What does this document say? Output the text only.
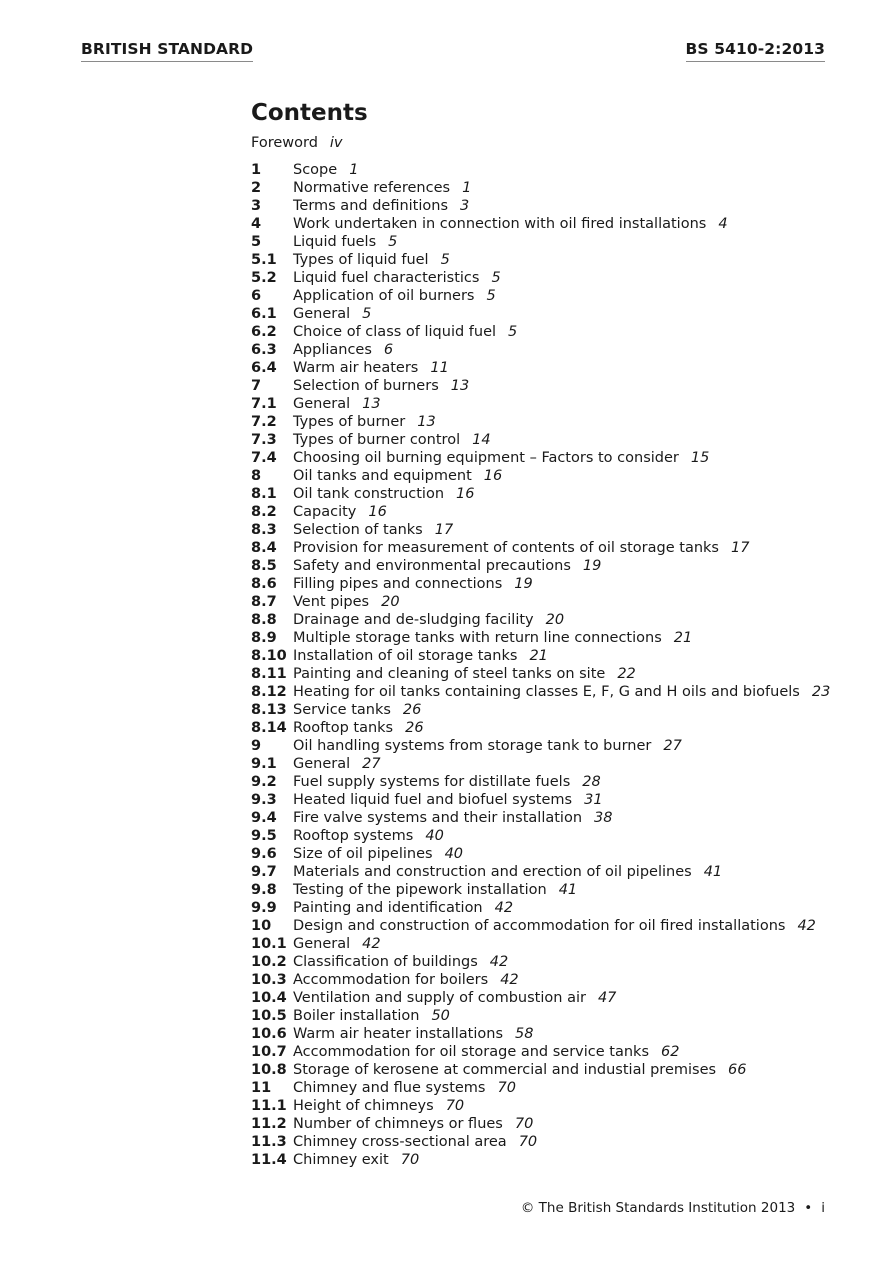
BRITISH STANDARD	BS 5410-2:2013
Contents
Foreword iv
1	Scope 1
2	Normative references 1
3	Terms and definitions 3
4	Work undertaken in connection with oil fired installations 4
5	Liquid fuels 5
5.1	Types of liquid fuel 5
5.2	Liquid fuel characteristics 5
6	Application of oil burners 5
6.1	General 5
6.2	Choice of class of liquid fuel 5
6.3	Appliances 6
6.4	Warm air heaters 11
7	Selection of burners 13
7.1	General 13
7.2	Types of burner 13
7.3	Types of burner control 14
7.4	Choosing oil burning equipment – Factors to consider 15
8	Oil tanks and equipment 16
8.1	Oil tank construction 16
8.2	Capacity 16
8.3	Selection of tanks 17
8.4	Provision for measurement of contents of oil storage tanks 17
8.5	Safety and environmental precautions 19
8.6	Filling pipes and connections 19
8.7	Vent pipes 20
8.8	Drainage and de-sludging facility 20
8.9	Multiple storage tanks with return line connections 21
8.10 Installation of oil storage tanks 21
8.11 Painting and cleaning of steel tanks on site 22
8.12 Heating for oil tanks containing classes E, F, G and H oils and biofuels 23
8.13 Service tanks 26
8.14 Rooftop tanks 26
9	Oil handling systems from storage tank to burner 27
9.1	General 27
9.2	Fuel supply systems for distillate fuels 28
9.3	Heated liquid fuel and biofuel systems 31
9.4	Fire valve systems and their installation 38
9.5	Rooftop systems 40
9.6	Size of oil pipelines 40
9.7	Materials and construction and erection of oil pipelines 41
9.8	Testing of the pipework installation 41
9.9	Painting and identification 42
10	Design and construction of accommodation for oil fired installations 42
10.1 General 42
10.2 Classification of buildings 42
10.3 Accommodation for boilers 42
10.4 Ventilation and supply of combustion air 47
10.5 Boiler installation 50
10.6 Warm air heater installations 58
10.7 Accommodation for oil storage and service tanks 62
10.8 Storage of kerosene at commercial and industial premises 66
11	Chimney and flue systems 70
11.1 Height of chimneys 70
11.2 Number of chimneys or flues 70
11.3 Chimney cross-sectional area 70
11.4 Chimney exit 70
© The British Standards Institution 2013 • i
